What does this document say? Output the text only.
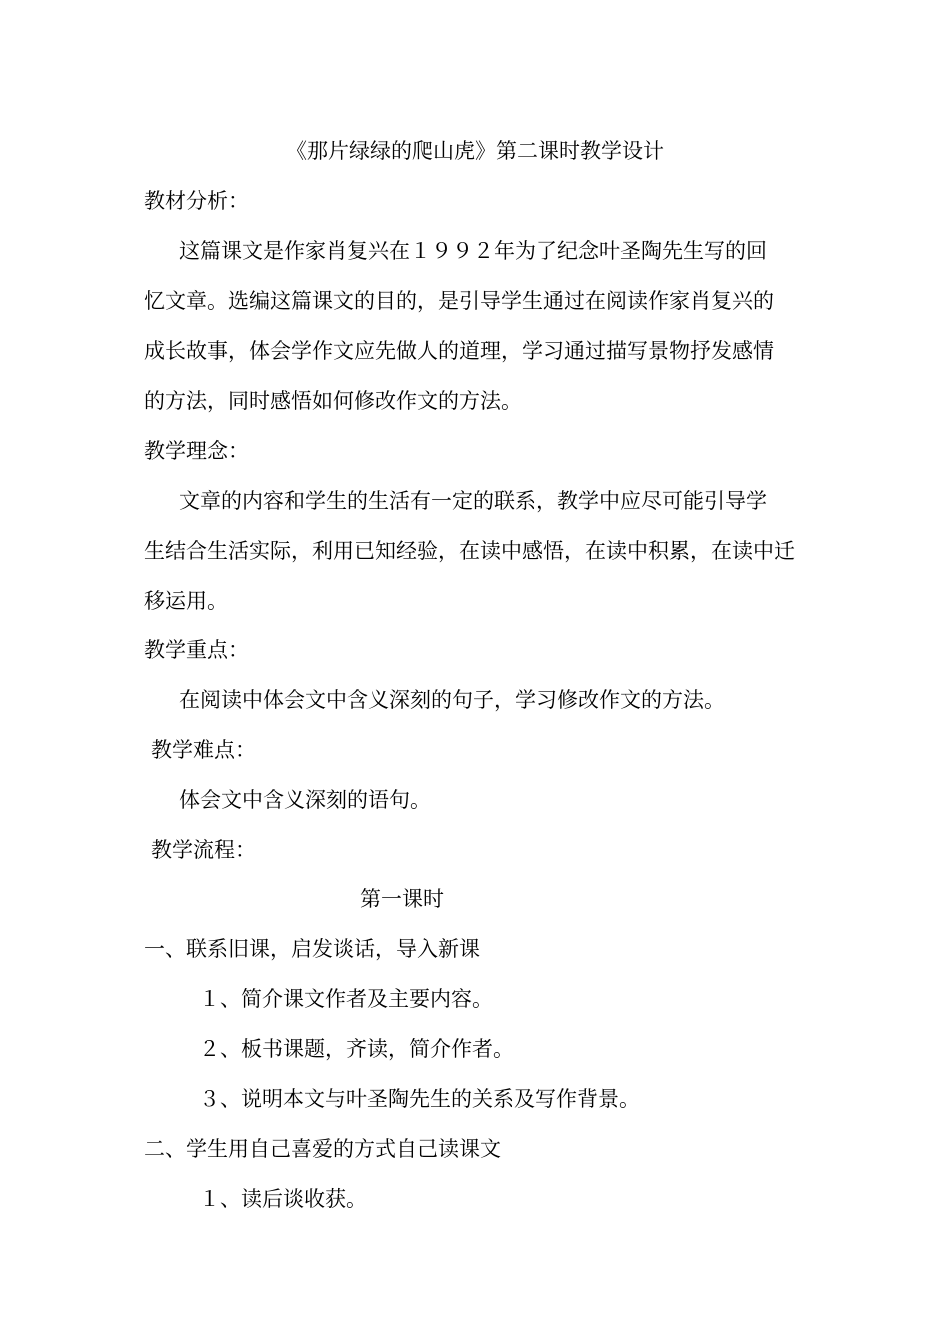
《那片绿绿的爬山虎》第二课时教学设计
教材分析：
这篇课文是作家肖复兴在１９９２年为了纪念叶圣陶先生写的回
忆文章。选编这篇课文的目的，是引导学生通过在阅读作家肖复兴的
成长故事，体会学作文应先做人的道理，学习通过描写景物抒发感情
的方法，同时感悟如何修改作文的方法。
教学理念：
文章的内容和学生的生活有一定的联系，教学中应尽可能引导学
生结合生活实际，利用已知经验，在读中感悟，在读中积累，在读中迁
移运用。
教学重点：
在阅读中体会文中含义深刻的句子，学习修改作文的方法。
教学难点：
体会文中含义深刻的语句。
教学流程：
第一课时
一、联系旧课，启发谈话，导入新课
１、简介课文作者及主要内容。
２、板书课题，齐读，简介作者。
３、说明本文与叶圣陶先生的关系及写作背景。
二、学生用自己喜爱的方式自己读课文
１、读后谈收获。
